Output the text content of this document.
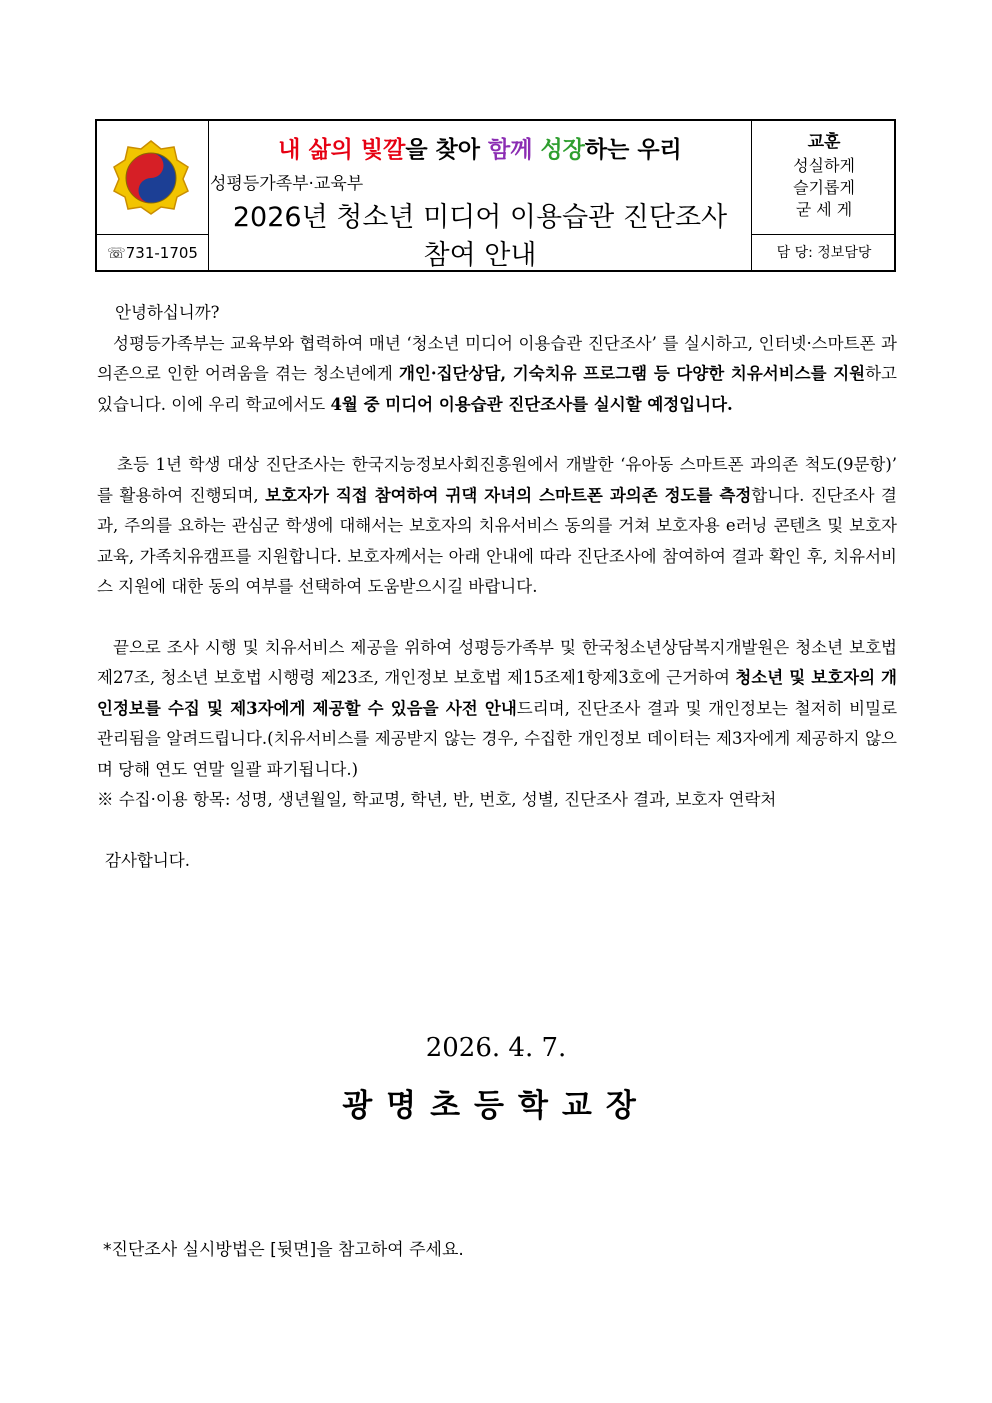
☏731-1705
내 삶의 빛깔을 찾아 함께 성장하는 우리
성평등가족부·교육부
2026년 청소년 미디어 이용습관 진단조사
참여 안내
교훈
성실하게
슬기롭게
굳 세 게
담 당: 정보담당

안녕하십니까?

성평등가족부는 교육부와 협력하여 매년 ‘청소년 미디어 이용습관 진단조사’ 를 실시하고, 인터넷·스마트폰 과의존으로 인한 어려움을 겪는 청소년에게 개인·집단상담, 기숙치유 프로그램 등 다양한 치유서비스를 지원하고 있습니다. 이에 우리 학교에서도 4월 중 미디어 이용습관 진단조사를 실시할 예정입니다.

초등 1년 학생 대상 진단조사는 한국지능정보사회진흥원에서 개발한 ‘유아동 스마트폰 과의존 척도(9문항)’ 를 활용하여 진행되며, 보호자가 직접 참여하여 귀댁 자녀의 스마트폰 과의존 정도를 측정합니다. 진단조사 결과, 주의를 요하는 관심군 학생에 대해서는 보호자의 치유서비스 동의를 거쳐 보호자용 e러닝 콘텐츠 및 보호자 교육, 가족치유캠프를 지원합니다. 보호자께서는 아래 안내에 따라 진단조사에 참여하여 결과 확인 후, 치유서비스 지원에 대한 동의 여부를 선택하여 도움받으시길 바랍니다.

끝으로 조사 시행 및 치유서비스 제공을 위하여 성평등가족부 및 한국청소년상담복지개발원은 청소년 보호법 제27조, 청소년 보호법 시행령 제23조, 개인정보 보호법 제15조제1항제3호에 근거하여 청소년 및 보호자의 개인정보를 수집 및 제3자에게 제공할 수 있음을 사전 안내드리며, 진단조사 결과 및 개인정보는 철저히 비밀로 관리됨을 알려드립니다.(치유서비스를 제공받지 않는 경우, 수집한 개인정보 데이터는 제3자에게 제공하지 않으며 당해 연도 연말 일괄 파기됩니다.)

※ 수집·이용 항목: 성명, 생년월일, 학교명, 학년, 반, 번호, 성별, 진단조사 결과, 보호자 연락처

감사합니다.

2026. 4. 7.
광명초등학교장
*진단조사 실시방법은 [뒷면]을 참고하여 주세요.
